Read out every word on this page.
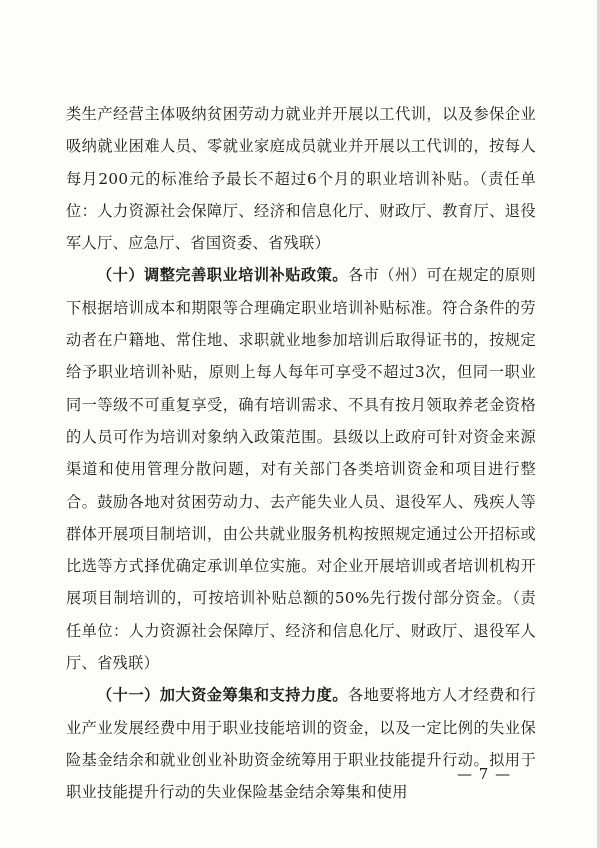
类生产经营主体吸纳贫困劳动力就业并开展以工代训，以及参保企业吸纳就业困难人员、零就业家庭成员就业并开展以工代训的，按每人每月200元的标准给予最长不超过6个月的职业培训补贴。（责任单位：人力资源社会保障厅、经济和信息化厅、财政厅、教育厅、退役军人厅、应急厅、省国资委、省残联）

（十）调整完善职业培训补贴政策。各市（州）可在规定的原则下根据培训成本和期限等合理确定职业培训补贴标准。符合条件的劳动者在户籍地、常住地、求职就业地参加培训后取得证书的，按规定给予职业培训补贴，原则上每人每年可享受不超过3次，但同一职业同一等级不可重复享受，确有培训需求、不具有按月领取养老金资格的人员可作为培训对象纳入政策范围。县级以上政府可针对资金来源渠道和使用管理分散问题，对有关部门各类培训资金和项目进行整合。鼓励各地对贫困劳动力、去产能失业人员、退役军人、残疾人等群体开展项目制培训，由公共就业服务机构按照规定通过公开招标或比选等方式择优确定承训单位实施。对企业开展培训或者培训机构开展项目制培训的，可按培训补贴总额的50%先行拨付部分资金。（责任单位：人力资源社会保障厅、经济和信息化厅、财政厅、退役军人厅、省残联）

（十一）加大资金筹集和支持力度。各地要将地方人才经费和行业产业发展经费中用于职业技能培训的资金，以及一定比例的失业保险基金结余和就业创业补助资金统筹用于职业技能提升行动。拟用于职业技能提升行动的失业保险基金结余筹集和使用

— 7 —
